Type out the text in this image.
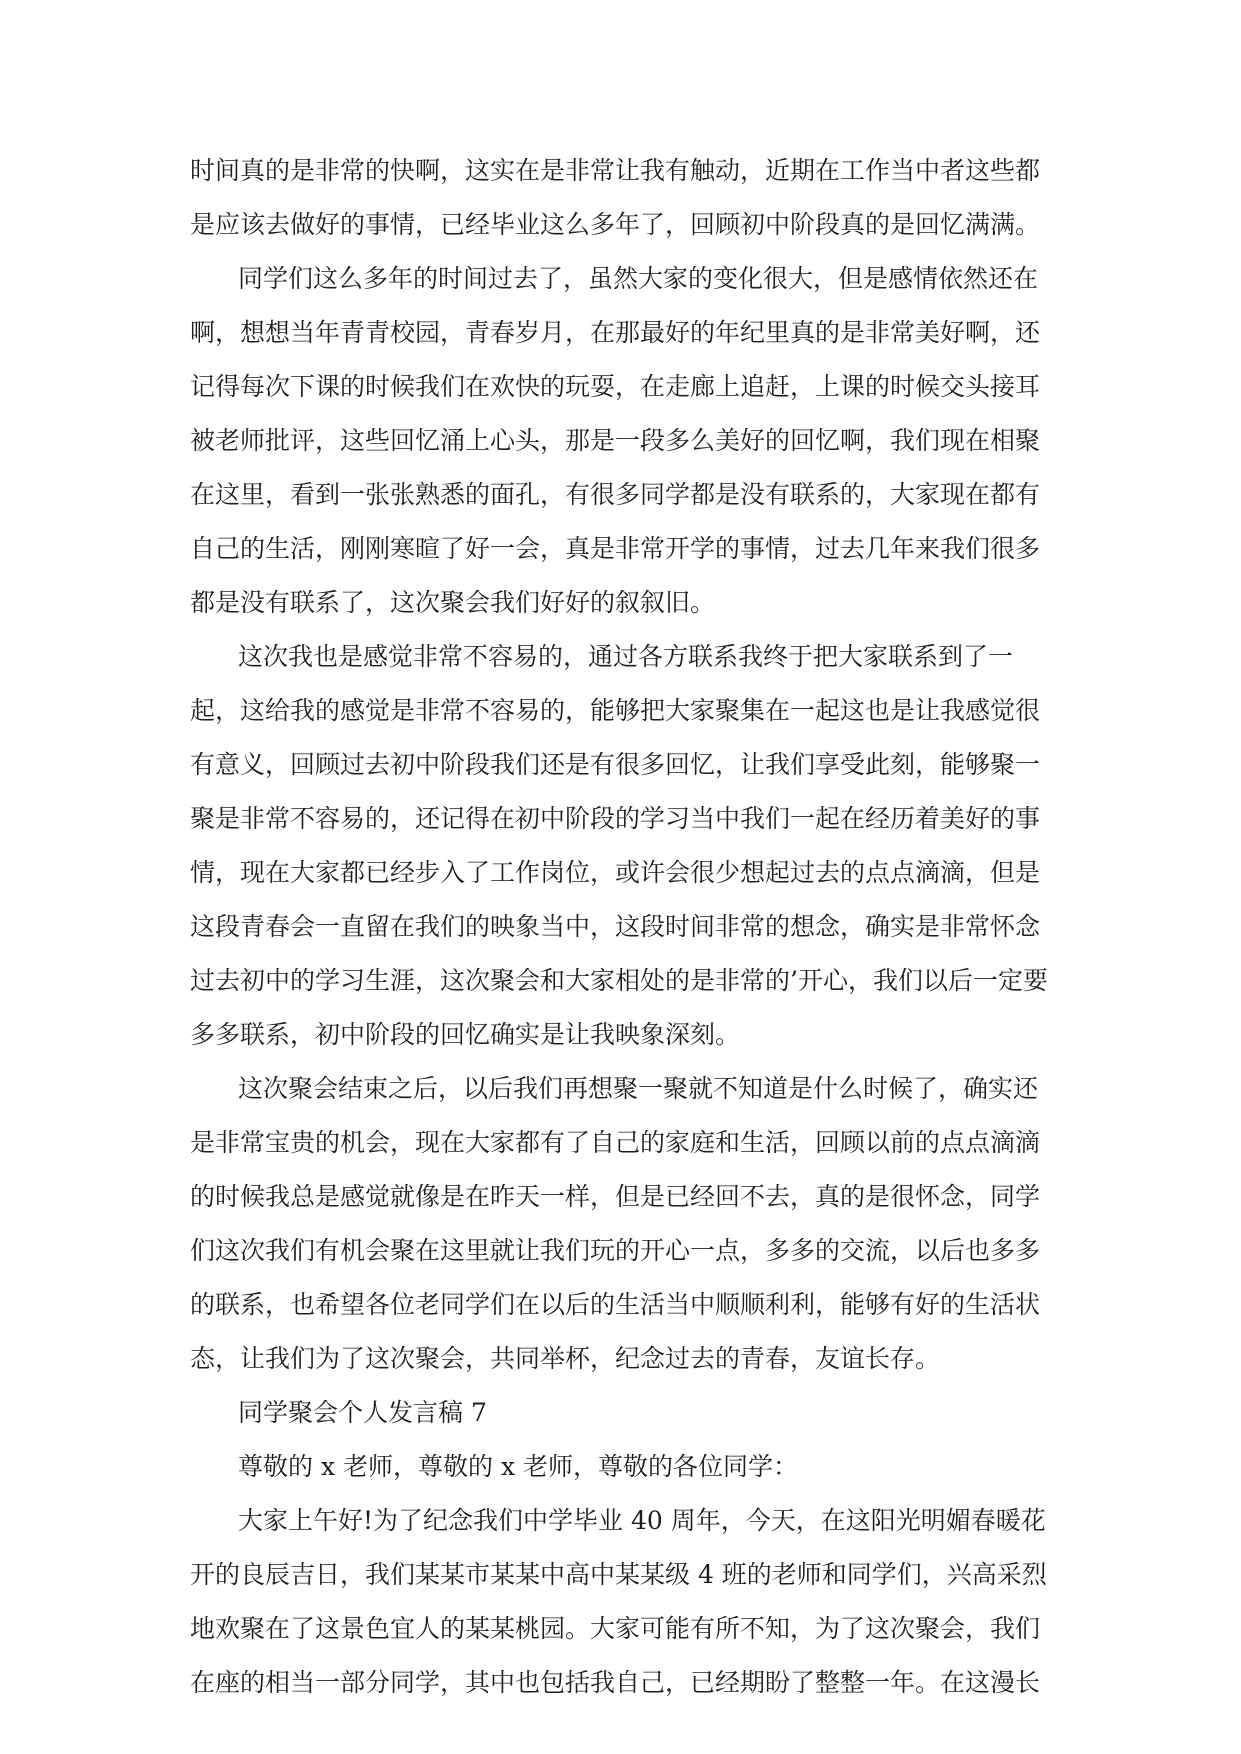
时间真的是非常的快啊，这实在是非常让我有触动，近期在工作当中者这些都
是应该去做好的事情，已经毕业这么多年了，回顾初中阶段真的是回忆满满。
同学们这么多年的时间过去了，虽然大家的变化很大，但是感情依然还在
啊，想想当年青青校园，青春岁月，在那最好的年纪里真的是非常美好啊，还
记得每次下课的时候我们在欢快的玩耍，在走廊上追赶，上课的时候交头接耳
被老师批评，这些回忆涌上心头，那是一段多么美好的回忆啊，我们现在相聚
在这里，看到一张张熟悉的面孔，有很多同学都是没有联系的，大家现在都有
自己的生活，刚刚寒暄了好一会，真是非常开学的事情，过去几年来我们很多
都是没有联系了，这次聚会我们好好的叙叙旧。
这次我也是感觉非常不容易的，通过各方联系我终于把大家联系到了一
起，这给我的感觉是非常不容易的，能够把大家聚集在一起这也是让我感觉很
有意义，回顾过去初中阶段我们还是有很多回忆，让我们享受此刻，能够聚一
聚是非常不容易的，还记得在初中阶段的学习当中我们一起在经历着美好的事
情，现在大家都已经步入了工作岗位，或许会很少想起过去的点点滴滴，但是
这段青春会一直留在我们的映象当中，这段时间非常的想念，确实是非常怀念
过去初中的学习生涯，这次聚会和大家相处的是非常的’开心，我们以后一定要
多多联系，初中阶段的回忆确实是让我映象深刻。
这次聚会结束之后，以后我们再想聚一聚就不知道是什么时候了，确实还
是非常宝贵的机会，现在大家都有了自己的家庭和生活，回顾以前的点点滴滴
的时候我总是感觉就像是在昨天一样，但是已经回不去，真的是很怀念，同学
们这次我们有机会聚在这里就让我们玩的开心一点，多多的交流，以后也多多
的联系，也希望各位老同学们在以后的生活当中顺顺利利，能够有好的生活状
态，让我们为了这次聚会，共同举杯，纪念过去的青春，友谊长存。
同学聚会个人发言稿 7
尊敬的 x 老师，尊敬的 x 老师，尊敬的各位同学：
大家上午好!为了纪念我们中学毕业 40 周年，今天，在这阳光明媚春暖花
开的良辰吉日，我们某某市某某中高中某某级 4 班的老师和同学们，兴高采烈
地欢聚在了这景色宜人的某某桃园。大家可能有所不知，为了这次聚会，我们
在座的相当一部分同学，其中也包括我自己，已经期盼了整整一年。在这漫长
